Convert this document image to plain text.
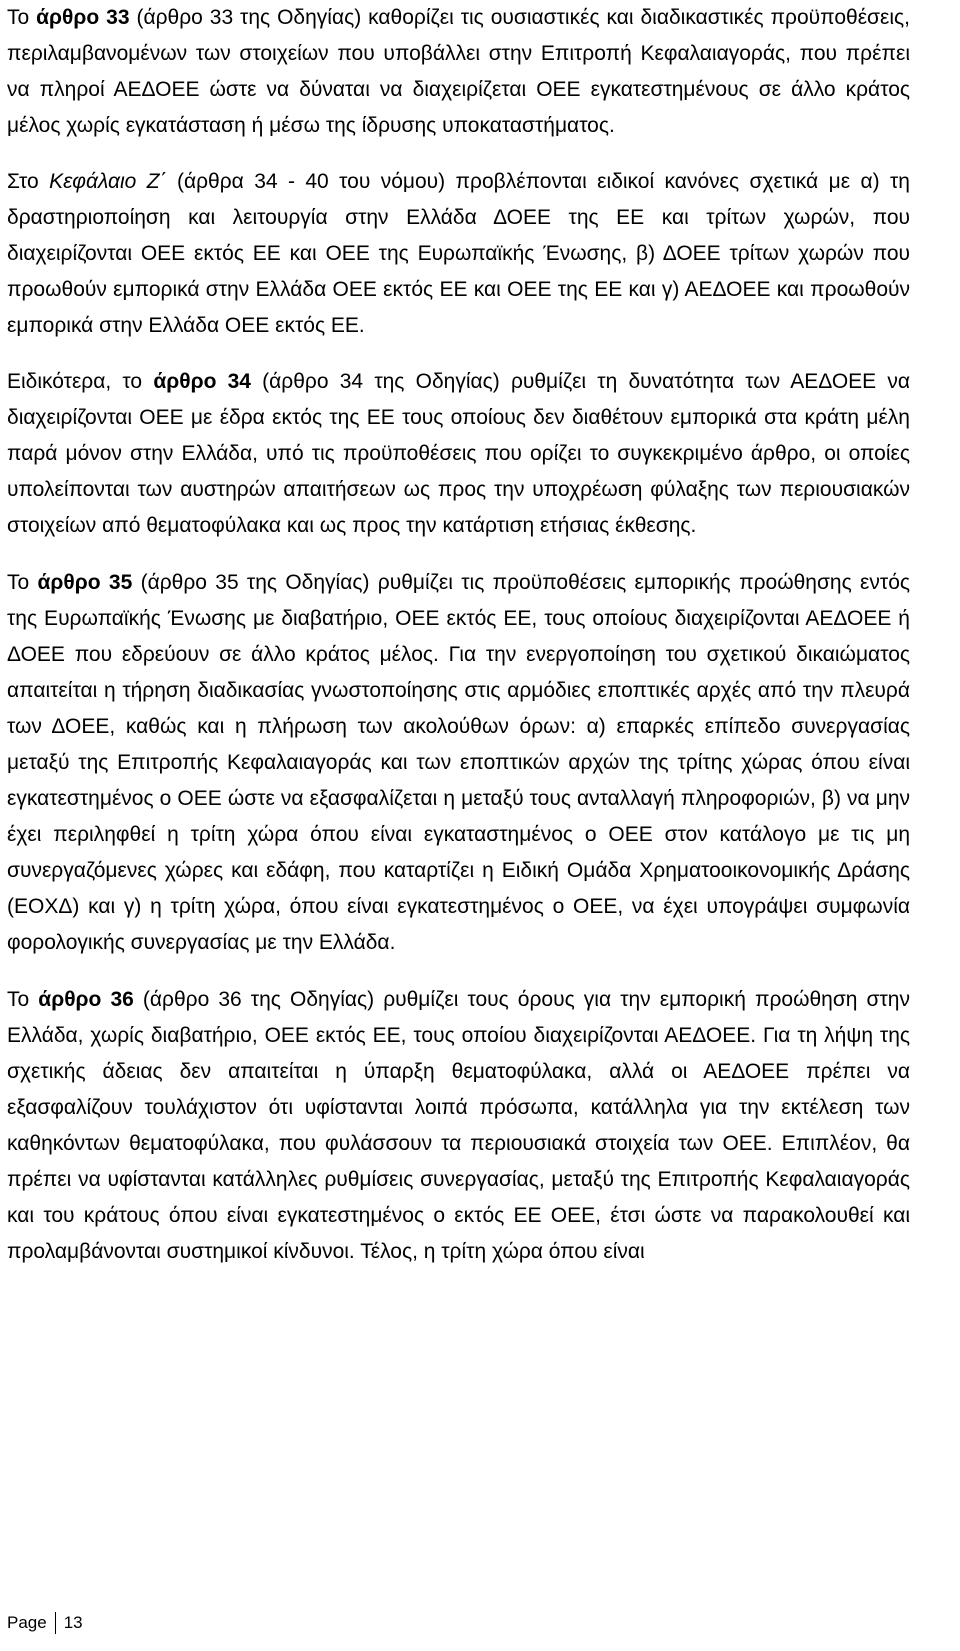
Το άρθρο 33 (άρθρο 33 της Οδηγίας) καθορίζει τις ουσιαστικές και διαδικαστικές προϋποθέσεις, περιλαμβανομένων των στοιχείων που υποβάλλει στην Επιτροπή Κεφαλαιαγοράς, που πρέπει να πληροί ΑΕΔΟΕΕ ώστε να δύναται να διαχειρίζεται ΟΕΕ εγκατεστημένους σε άλλο κράτος μέλος χωρίς εγκατάσταση ή μέσω της ίδρυσης υποκαταστήματος.

Στο Κεφάλαιο Ζ΄ (άρθρα 34 - 40 του νόμου) προβλέπονται ειδικοί κανόνες σχετικά με α) τη δραστηριοποίηση και λειτουργία στην Ελλάδα ΔΟΕΕ της ΕΕ και τρίτων χωρών, που διαχειρίζονται ΟΕΕ εκτός ΕΕ και ΟΕΕ της Ευρωπαϊκής Ένωσης, β) ΔΟΕΕ τρίτων χωρών που προωθούν εμπορικά στην Ελλάδα ΟΕΕ εκτός ΕΕ και ΟΕΕ της ΕΕ και γ) ΑΕΔΟΕΕ και προωθούν εμπορικά στην Ελλάδα ΟΕΕ εκτός ΕΕ.

Ειδικότερα, το άρθρο 34 (άρθρο 34 της Οδηγίας) ρυθμίζει τη δυνατότητα των ΑΕΔΟΕΕ να διαχειρίζονται ΟΕΕ με έδρα εκτός της ΕΕ τους οποίους δεν διαθέτουν εμπορικά στα κράτη μέλη παρά μόνον στην Ελλάδα, υπό τις προϋποθέσεις που ορίζει το συγκεκριμένο άρθρο, οι οποίες υπολείπονται των αυστηρών απαιτήσεων ως προς την υποχρέωση φύλαξης των περιουσιακών στοιχείων από θεματοφύλακα και ως προς την κατάρτιση ετήσιας έκθεσης.

Το άρθρο 35 (άρθρο 35 της Οδηγίας) ρυθμίζει τις προϋποθέσεις εμπορικής προώθησης εντός της Ευρωπαϊκής Ένωσης με διαβατήριο, ΟΕΕ εκτός ΕΕ, τους οποίους διαχειρίζονται ΑΕΔΟΕΕ ή ΔΟΕΕ που εδρεύουν σε άλλο κράτος μέλος. Για την ενεργοποίηση του σχετικού δικαιώματος απαιτείται η τήρηση διαδικασίας γνωστοποίησης στις αρμόδιες εποπτικές αρχές από την πλευρά των ΔΟΕΕ, καθώς και η πλήρωση των ακολούθων όρων: α) επαρκές επίπεδο συνεργασίας μεταξύ της Επιτροπής Κεφαλαιαγοράς και των εποπτικών αρχών της τρίτης χώρας όπου είναι εγκατεστημένος ο ΟΕΕ ώστε να εξασφαλίζεται η μεταξύ τους ανταλλαγή πληροφοριών, β) να μην έχει περιληφθεί η τρίτη χώρα όπου είναι εγκαταστημένος ο ΟΕΕ στον κατάλογο με τις μη συνεργαζόμενες χώρες και εδάφη, που καταρτίζει η Ειδική Ομάδα Χρηματοοικονομικής Δράσης (ΕΟΧΔ) και γ) η τρίτη χώρα, όπου είναι εγκατεστημένος ο ΟΕΕ, να έχει υπογράψει συμφωνία φορολογικής συνεργασίας με την Ελλάδα.

Το άρθρο 36 (άρθρο 36 της Οδηγίας) ρυθμίζει τους όρους για την εμπορική προώθηση στην Ελλάδα, χωρίς διαβατήριο, ΟΕΕ εκτός ΕΕ, τους οποίου διαχειρίζονται ΑΕΔΟΕΕ. Για τη λήψη της σχετικής άδειας δεν απαιτείται η ύπαρξη θεματοφύλακα, αλλά οι ΑΕΔΟΕΕ πρέπει να εξασφαλίζουν τουλάχιστον ότι υφίστανται λοιπά πρόσωπα, κατάλληλα για την εκτέλεση των καθηκόντων θεματοφύλακα, που φυλάσσουν τα περιουσιακά στοιχεία των ΟΕΕ. Επιπλέον, θα πρέπει να υφίστανται κατάλληλες ρυθμίσεις συνεργασίας, μεταξύ της Επιτροπής Κεφαλαιαγοράς και του κράτους όπου είναι εγκατεστημένος ο εκτός ΕΕ ΟΕΕ, έτσι ώστε να παρακολουθεί και προλαμβάνονται συστημικοί κίνδυνοι. Τέλος, η τρίτη χώρα όπου είναι

Page 13
